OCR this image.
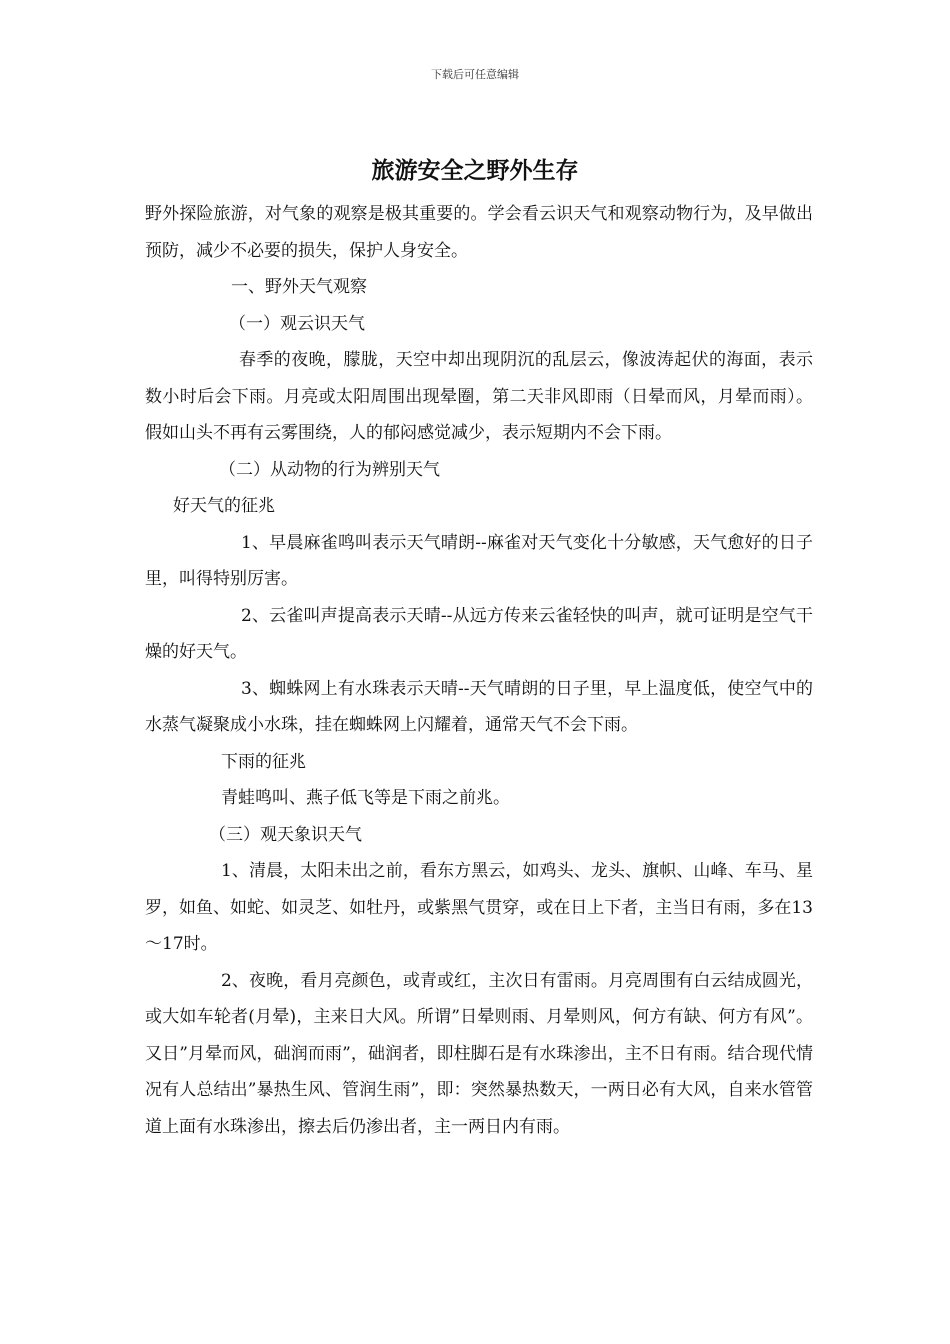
下载后可任意编辑
旅游安全之野外生存

野外探险旅游，对气象的观察是极其重要的。学会看云识天气和观察动物行为，及早做出预防，减少不必要的损失，保护人身安全。

一、野外天气观察

（一）观云识天气

春季的夜晚，朦胧，天空中却出现阴沉的乱层云，像波涛起伏的海面，表示数小时后会下雨。月亮或太阳周围出现晕圈，第二天非风即雨（日晕而风，月晕而雨）。假如山头不再有云雾围绕，人的郁闷感觉减少，表示短期内不会下雨。

（二）从动物的行为辨别天气

好天气的征兆

1、早晨麻雀鸣叫表示天气晴朗--麻雀对天气变化十分敏感，天气愈好的日子里，叫得特别厉害。

2、云雀叫声提高表示天晴--从远方传来云雀轻快的叫声，就可证明是空气干燥的好天气。

3、蜘蛛网上有水珠表示天晴--天气晴朗的日子里，早上温度低，使空气中的水蒸气凝聚成小水珠，挂在蜘蛛网上闪耀着，通常天气不会下雨。

下雨的征兆

青蛙鸣叫、燕子低飞等是下雨之前兆。

（三）观天象识天气

1、清晨，太阳未出之前，看东方黑云，如鸡头、龙头、旗帜、山峰、车马、星罗，如鱼、如蛇、如灵芝、如牡丹，或紫黑气贯穿，或在日上下者，主当日有雨，多在13～17时。

2、夜晚，看月亮颜色，或青或红，主次日有雷雨。月亮周围有白云结成圆光，或大如车轮者(月晕)，主来日大风。所谓”日晕则雨、月晕则风，何方有缺、何方有风”。又日”月晕而风，础润而雨”，础润者，即柱脚石是有水珠渗出，主不日有雨。结合现代情况有人总结出”暴热生风、管润生雨”，即：突然暴热数天，一两日必有大风，自来水管管道上面有水珠渗出，擦去后仍渗出者，主一两日内有雨。
